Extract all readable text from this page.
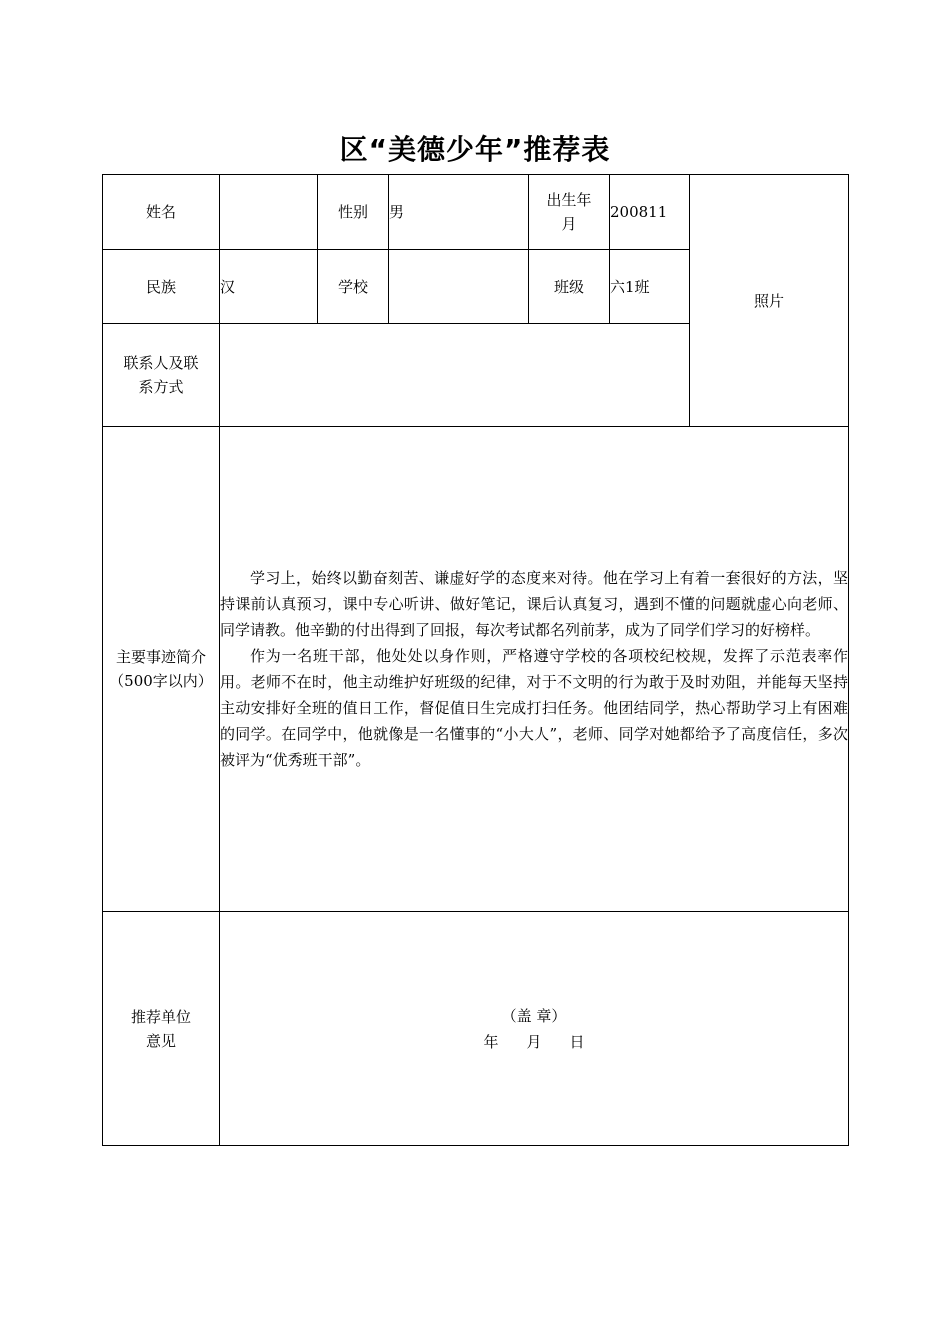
区“美德少年”推荐表
姓名		性别	男	出生年月	200811	照片
民族	汉	学校		班级	六1班	
联系人及联系方式						
主要事迹简介（500字以内）	学习上，始终以勤奋刻苦、谦虚好学的态度来对待。他在学习上有着一套很好的方法，坚持课前认真预习，课中专心听讲、做好笔记，课后认真复习，遇到不懂的问题就虚心向老师、同学请教。他辛勤的付出得到了回报，每次考试都名列前茅，成为了同学们学习的好榜样。

作为一名班干部，他处处以身作则，严格遵守学校的各项校纪校规，发挥了示范表率作用。老师不在时，他主动维护好班级的纪律，对于不文明的行为敢于及时劝阻，并能每天坚持主动安排好全班的值日工作，督促值日生完成打扫任务。他团结同学，热心帮助学习上有困难的同学。在同学中，他就像是一名懂事的“小大人”，老师、同学对她都给予了高度信任，多次被评为“优秀班干部”。					

推荐单位意见	（盖 章）
年 月 日					
